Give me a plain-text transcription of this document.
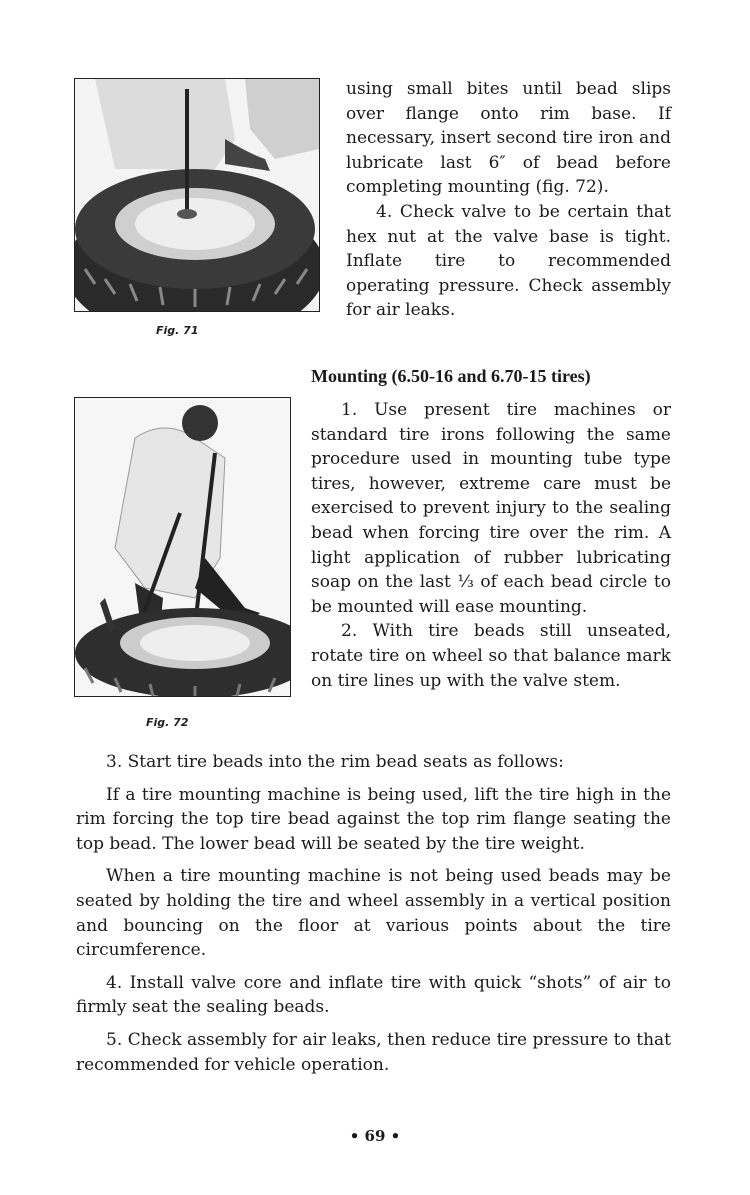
Fig. 71

using small bites until bead slips over flange onto rim base. If necessary, insert second tire iron and lubricate last 6″ of bead before completing mounting (fig. 72).

4. Check valve to be certain that hex nut at the valve base is tight. Inflate tire to recommended operating pressure. Check assembly for air leaks.

Mounting (6.50-16 and 6.70-15 tires)
Fig. 72

1. Use present tire machines or standard tire irons following the same procedure used in mounting tube type tires, however, extreme care must be exercised to prevent injury to the sealing bead when forcing tire over the rim. A light application of rubber lubricating soap on the last ⅓ of each bead circle to be mounted will ease mounting.

2. With tire beads still unseated, rotate tire on wheel so that balance mark on tire lines up with the valve stem.

3. Start tire beads into the rim bead seats as follows:

If a tire mounting machine is being used, lift the tire high in the rim forcing the top tire bead against the top rim flange seating the top bead. The lower bead will be seated by the tire weight.

When a tire mounting machine is not being used beads may be seated by holding the tire and wheel assembly in a vertical position and bouncing on the floor at various points about the tire circumference.

4. Install valve core and inflate tire with quick “shots” of air to firmly seat the sealing beads.

5. Check assembly for air leaks, then reduce tire pressure to that recommended for vehicle operation.

• 69 •
